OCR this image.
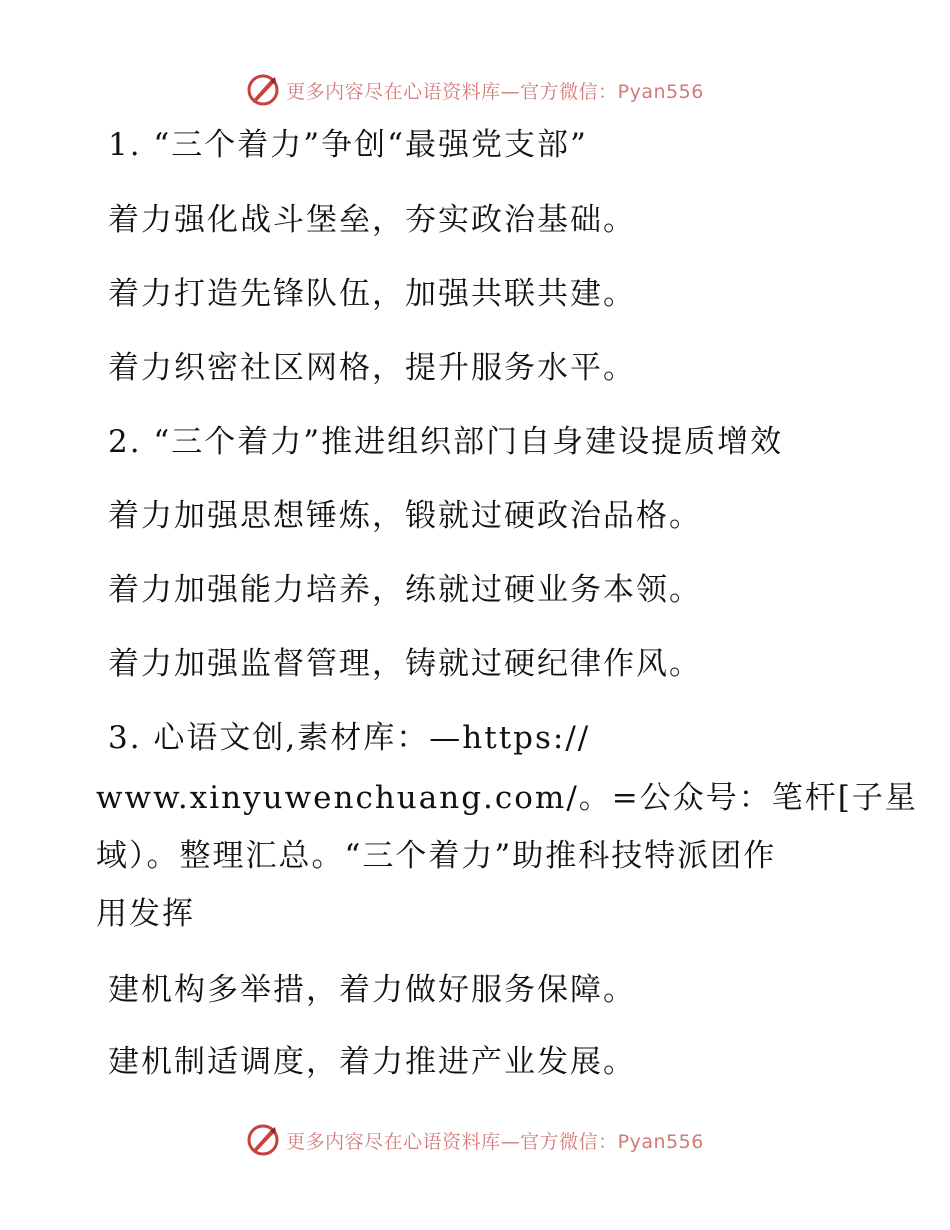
更多内容尽在心语资料库—官方微信：Pyan556
1. “三个着力”争创“最强党支部”
着力强化战斗堡垒，夯实政治基础。
着力打造先锋队伍，加强共联共建。
着力织密社区网格，提升服务水平。
2. “三个着力”推进组织部门自身建设提质增效
着力加强思想锤炼，锻就过硬政治品格。
着力加强能力培养，练就过硬业务本领。
着力加强监督管理，铸就过硬纪律作风。
3. 心语文创,素材库：—https://
www.xinyuwenchuang.com/。=公众号：笔杆[子星
域）。整理汇总。“三个着力”助推科技特派团作
用发挥
建机构多举措，着力做好服务保障。
建机制适调度，着力推进产业发展。
更多内容尽在心语资料库—官方微信：Pyan556
